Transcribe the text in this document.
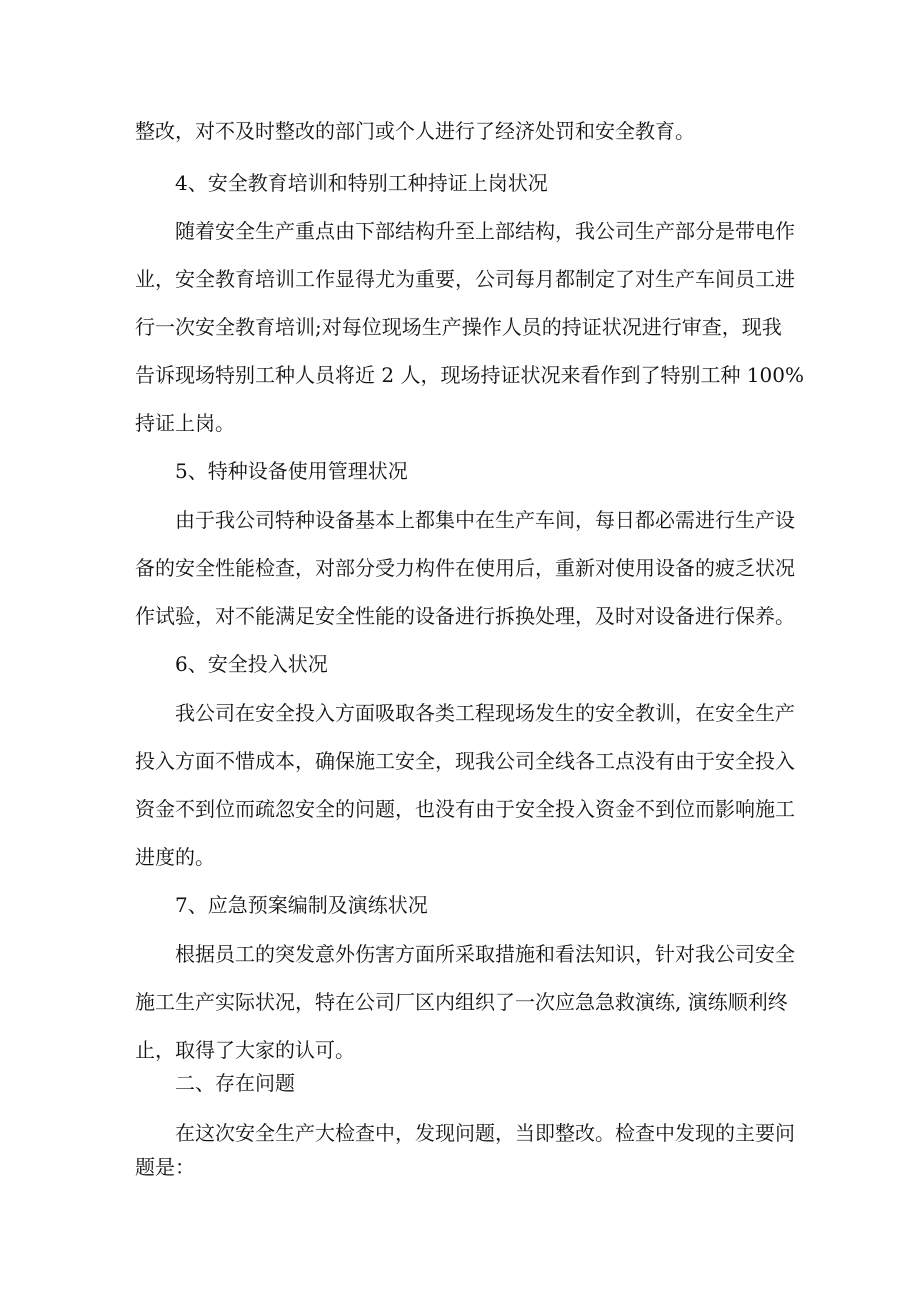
整改，对不及时整改的部门或个人进行了经济处罚和安全教育。

4、安全教育培训和特别工种持证上岗状况

随着安全生产重点由下部结构升至上部结构，我公司生产部分是带电作

业，安全教育培训工作显得尤为重要，公司每月都制定了对生产车间员工进

行一次安全教育培训;对每位现场生产操作人员的持证状况进行审查，现我

告诉现场特别工种人员将近 2 人，现场持证状况来看作到了特别工种 100%

持证上岗。

5、特种设备使用管理状况

由于我公司特种设备基本上都集中在生产车间，每日都必需进行生产设

备的安全性能检查，对部分受力构件在使用后，重新对使用设备的疲乏状况

作试验，对不能满足安全性能的设备进行拆换处理，及时对设备进行保养。

6、安全投入状况

我公司在安全投入方面吸取各类工程现场发生的安全教训，在安全生产

投入方面不惜成本，确保施工安全，现我公司全线各工点没有由于安全投入

资金不到位而疏忽安全的问题，也没有由于安全投入资金不到位而影响施工

进度的。

7、应急预案编制及演练状况

根据员工的突发意外伤害方面所采取措施和看法知识，针对我公司安全

施工生产实际状况，特在公司厂区内组织了一次应急急救演练, 演练顺利终

止，取得了大家的认可。

二、存在问题

在这次安全生产大检查中，发现问题，当即整改。检查中发现的主要问

题是：
